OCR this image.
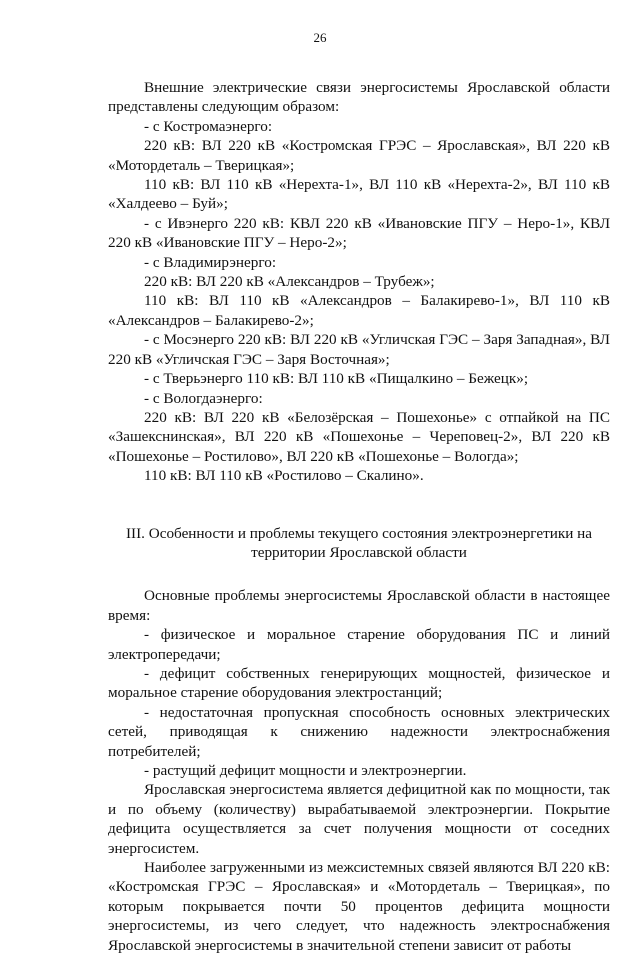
26

Внешние электрические связи энергосистемы Ярославской области представлены следующим образом:

- с Костромаэнерго:

220 кВ: ВЛ 220 кВ «Костромская ГРЭС – Ярославская», ВЛ 220 кВ «Мотордеталь – Тверицкая»;

110 кВ: ВЛ 110 кВ «Нерехта-1», ВЛ 110 кВ «Нерехта-2», ВЛ 110 кВ «Халдеево – Буй»;

- с Ивэнерго 220 кВ: КВЛ 220 кВ «Ивановские ПГУ – Нерo-1», КВЛ 220 кВ «Ивановские ПГУ – Нерo-2»;

- с Владимирэнерго:

220 кВ: ВЛ 220 кВ «Александров – Трубеж»;

110 кВ: ВЛ 110 кВ «Александров – Балакирево-1», ВЛ 110 кВ «Александров – Балакирево-2»;

- с Мосэнерго 220 кВ: ВЛ 220 кВ «Угличская ГЭС – Заря Западная», ВЛ 220 кВ «Угличская ГЭС – Заря Восточная»;

- с Тверьэнерго 110 кВ: ВЛ 110 кВ «Пищалкино – Бежецк»;

- с Вологдаэнерго:

220 кВ: ВЛ 220 кВ «Белозёрская – Пошехонье» с отпайкой на ПС «Зашекснинская», ВЛ 220 кВ «Пошехонье – Череповец-2», ВЛ 220 кВ «Пошехонье – Ростилово», ВЛ 220 кВ «Пошехонье – Вологда»;

110 кВ: ВЛ 110 кВ «Ростилово – Скалино».

III. Особенности и проблемы текущего состояния электроэнергетики на

территории Ярославской области

Основные проблемы энергосистемы Ярославской области в настоящее время:

- физическое и моральное старение оборудования ПС и линий электропередачи;

- дефицит собственных генерирующих мощностей, физическое и моральное старение оборудования электростанций;

- недостаточная пропускная способность основных электрических сетей, приводящая к снижению надежности электроснабжения потребителей;

- растущий дефицит мощности и электроэнергии.

Ярославская энергосистема является дефицитной как по мощности, так и по объему (количеству) вырабатываемой электроэнергии. Покрытие дефицита осуществляется за счет получения мощности от соседних энергосистем.

Наиболее загруженными из межсистемных связей являются ВЛ 220 кВ: «Костромская ГРЭС – Ярославская» и «Мотордеталь – Тверицкая», по которым покрывается почти 50 процентов дефицита мощности энергосистемы, из чего следует, что надежность электроснабжения Ярославской энергосистемы в значительной степени зависит от работы
